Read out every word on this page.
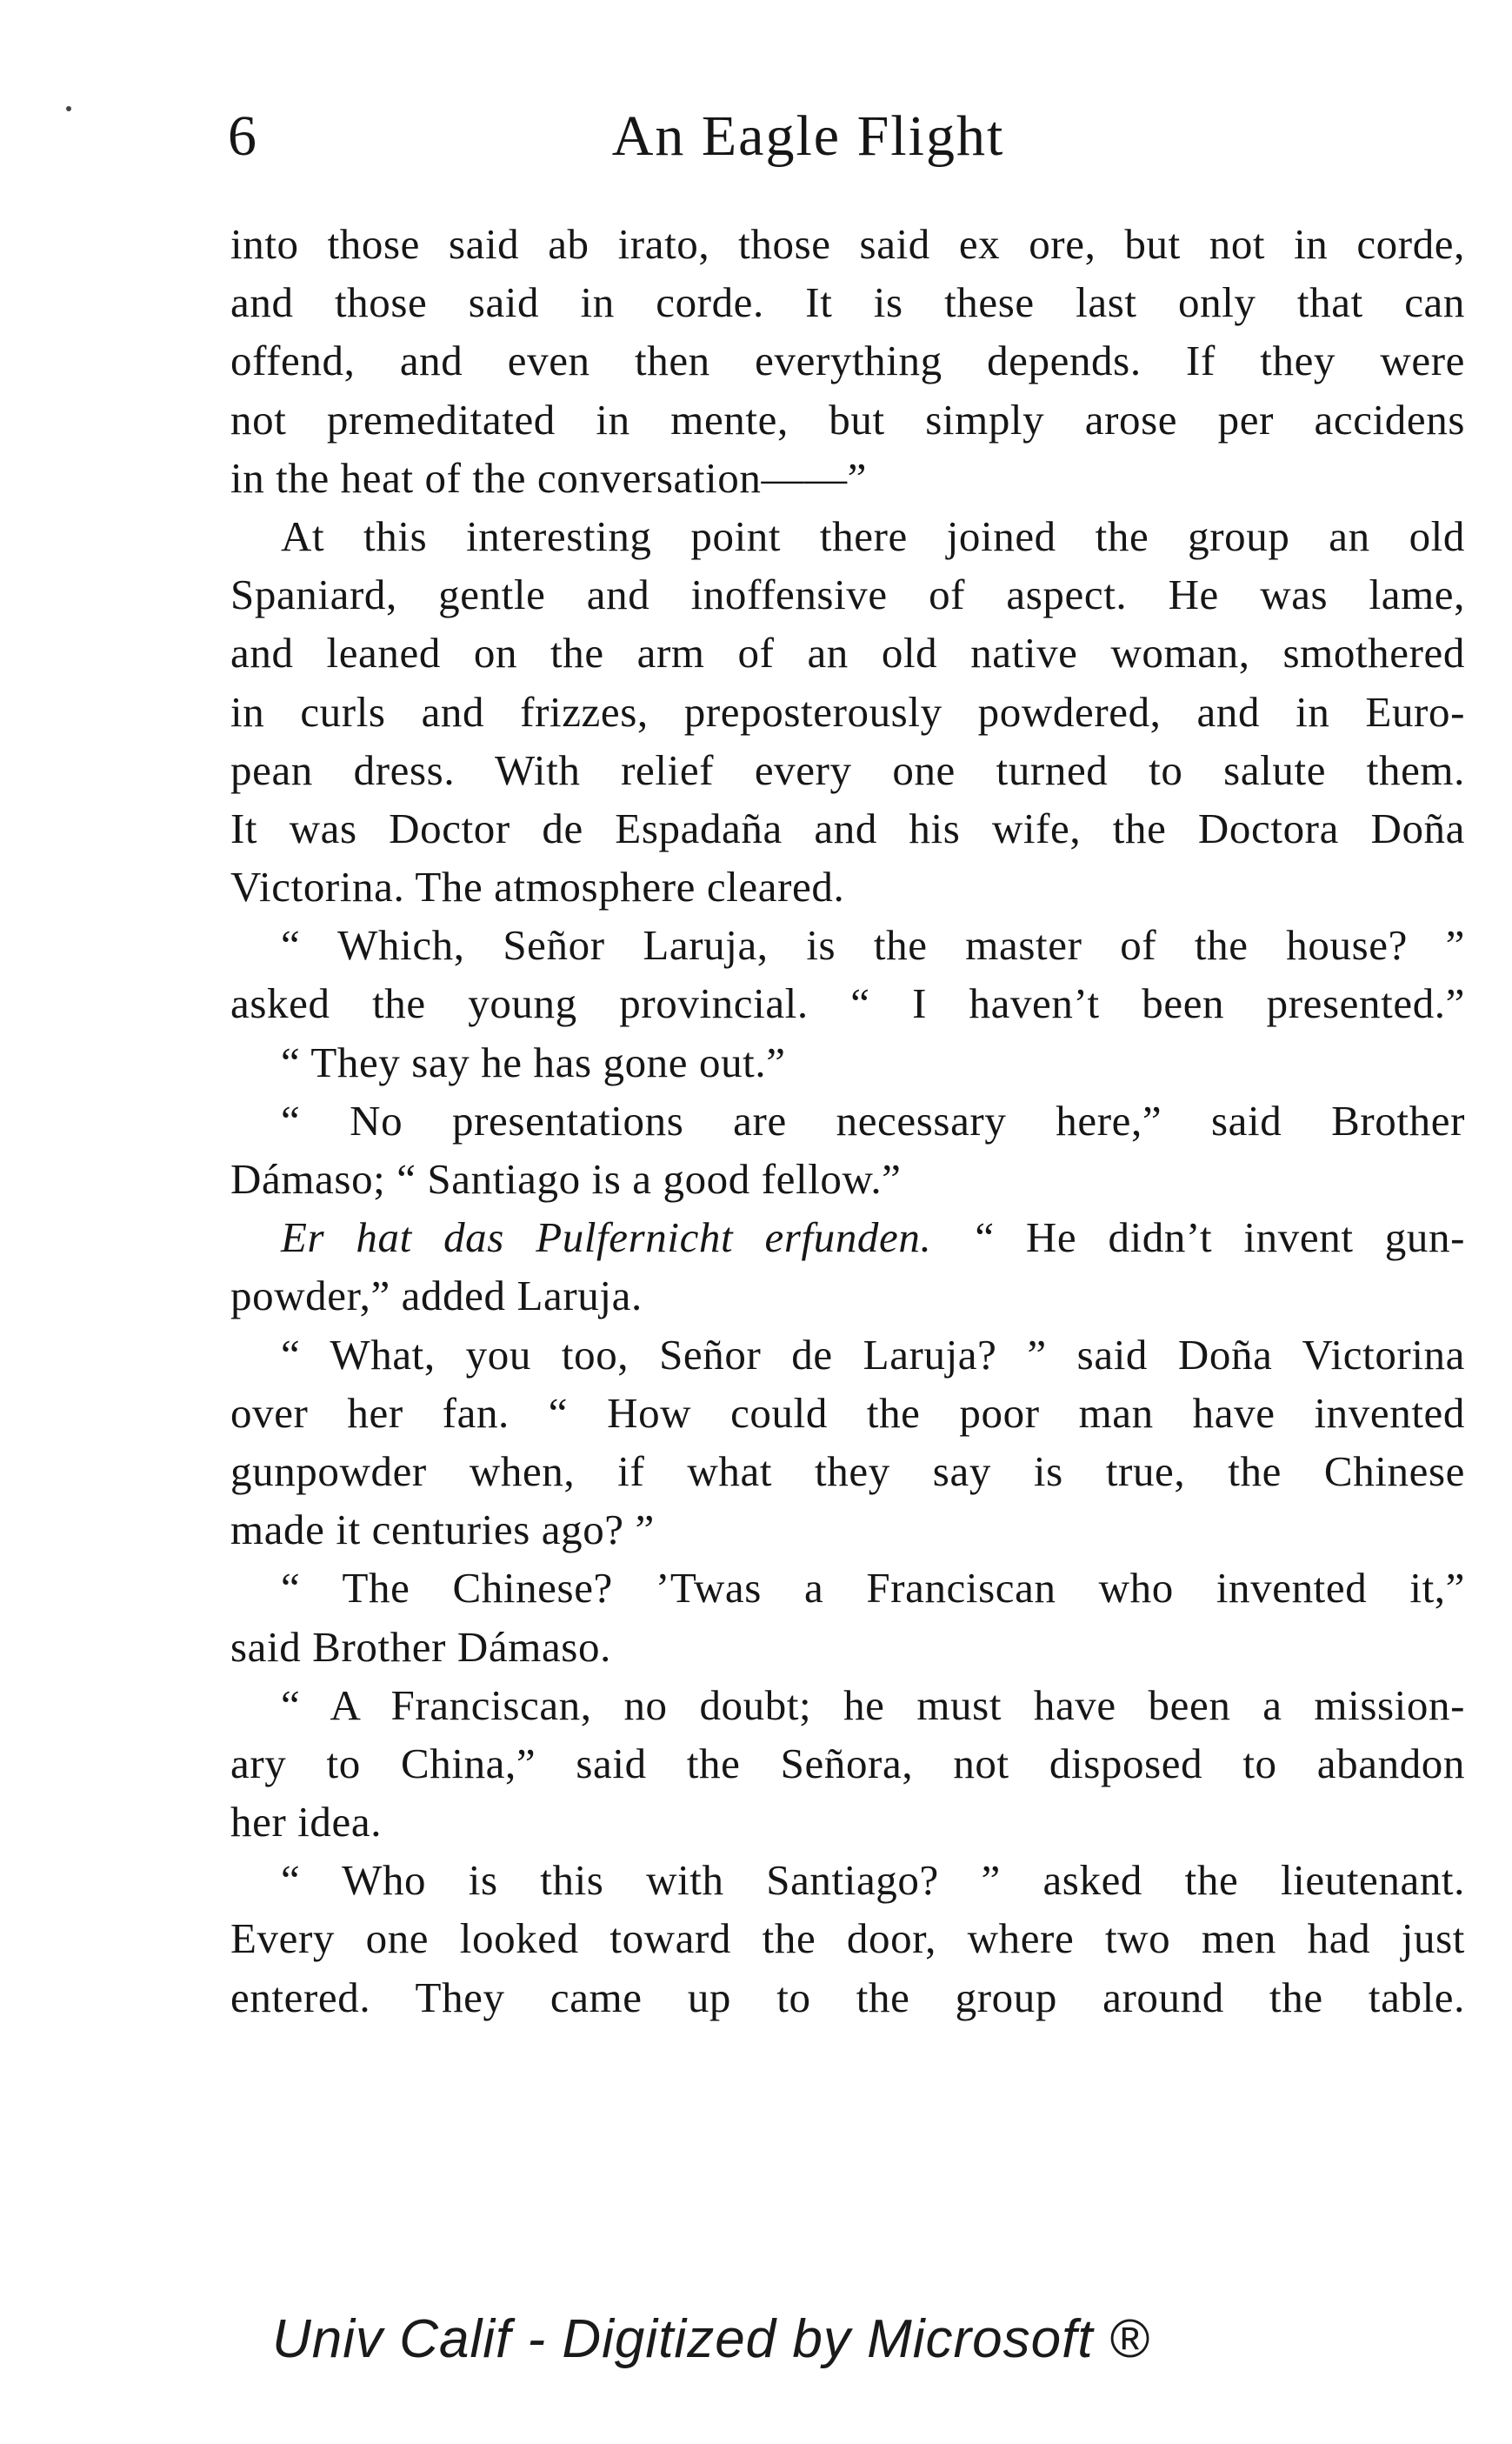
6	An Eagle Flight
into those said ab irato, those said ex ore, but not in corde,
and those said in corde. It is these last only that can
offend, and even then everything depends. If they were
not premeditated in mente, but simply arose per accidens
in the heat of the conversation——”
At this interesting point there joined the group an old
Spaniard, gentle and inoffensive of aspect. He was lame,
and leaned on the arm of an old native woman, smothered
in curls and frizzes, preposterously powdered, and in Euro-
pean dress. With relief every one turned to salute them.
It was Doctor de Espadaña and his wife, the Doctora Doña
Victorina. The atmosphere cleared.
“ Which, Señor Laruja, is the master of the house? ”
asked the young provincial. “ I haven’t been presented.”
“ They say he has gone out.”
“ No presentations are necessary here,” said Brother
Dámaso; “ Santiago is a good fellow.”
Er hat das Pulfernicht erfunden. “ He didn’t invent gun-
powder,” added Laruja.
“ What, you too, Señor de Laruja? ” said Doña Victorina
over her fan. “ How could the poor man have invented
gunpowder when, if what they say is true, the Chinese
made it centuries ago? ”
“ The Chinese? ’Twas a Franciscan who invented it,”
said Brother Dámaso.
“ A Franciscan, no doubt; he must have been a mission-
ary to China,” said the Señora, not disposed to abandon
her idea.
“ Who is this with Santiago? ” asked the lieutenant.
Every one looked toward the door, where two men had just
entered. They came up to the group around the table.
Univ Calif - Digitized by Microsoft ®
